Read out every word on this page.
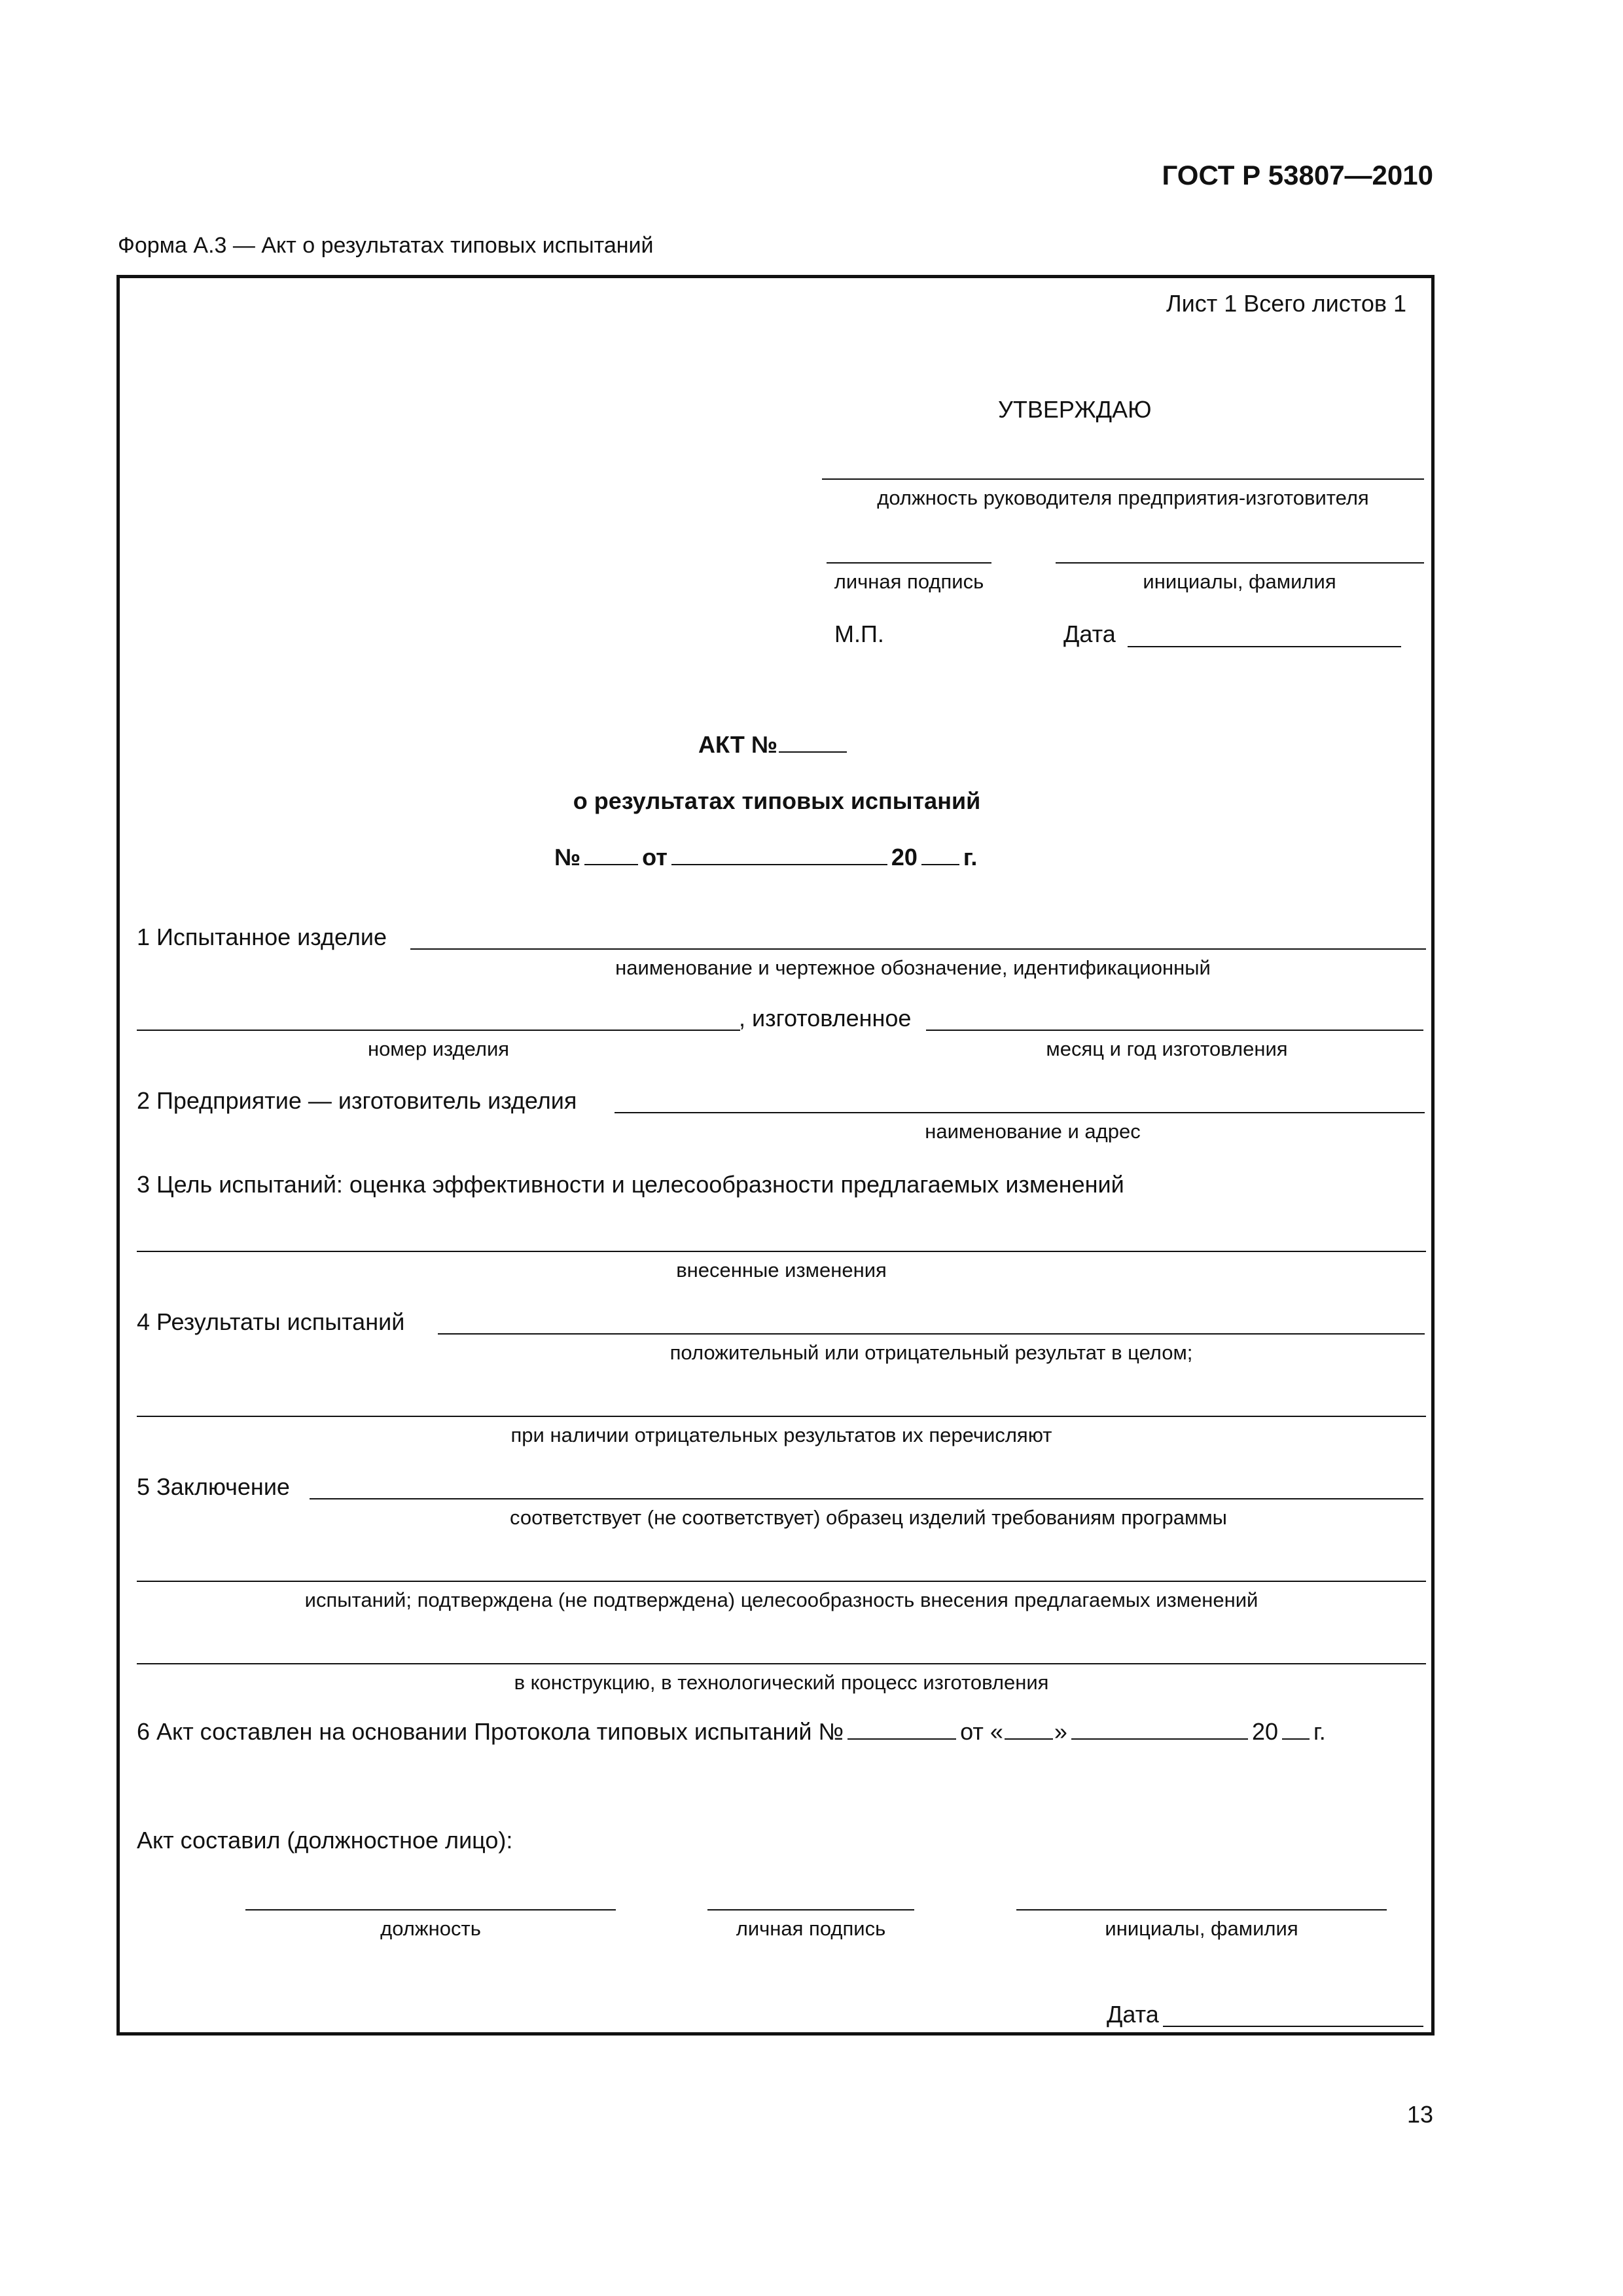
ГОСТ Р 53807—2010
Форма А.3 — Акт о результатах типовых испытаний
Лист 1 Всего листов 1
УТВЕРЖДАЮ
должность руководителя предприятия-изготовителя
личная подпись	инициалы, фамилия
М.П.	Дата
АКТ №
о результатах типовых испытаний
№	от	20 г.
1 Испытанное изделие
наименование и чертежное обозначение, идентификационный
, изготовленное
номер изделия	месяц и год изготовления
2 Предприятие — изготовитель изделия
наименование и адрес
3 Цель испытаний: оценка эффективности и целесообразности предлагаемых изменений
внесенные изменения
4 Результаты испытаний
положительный или отрицательный результат в целом;
при наличии отрицательных результатов их перечисляют
5 Заключение
соответствует (не соответствует) образец изделий требованиям программы
испытаний; подтверждена (не подтверждена) целесообразность внесения предлагаемых изменений
в конструкцию, в технологический процесс изготовления
6 Акт составлен на основании Протокола типовых испытаний №	от « »	20 г.
Акт составил (должностное лицо):
должность	личная подпись	инициалы, фамилия
Дата
13
